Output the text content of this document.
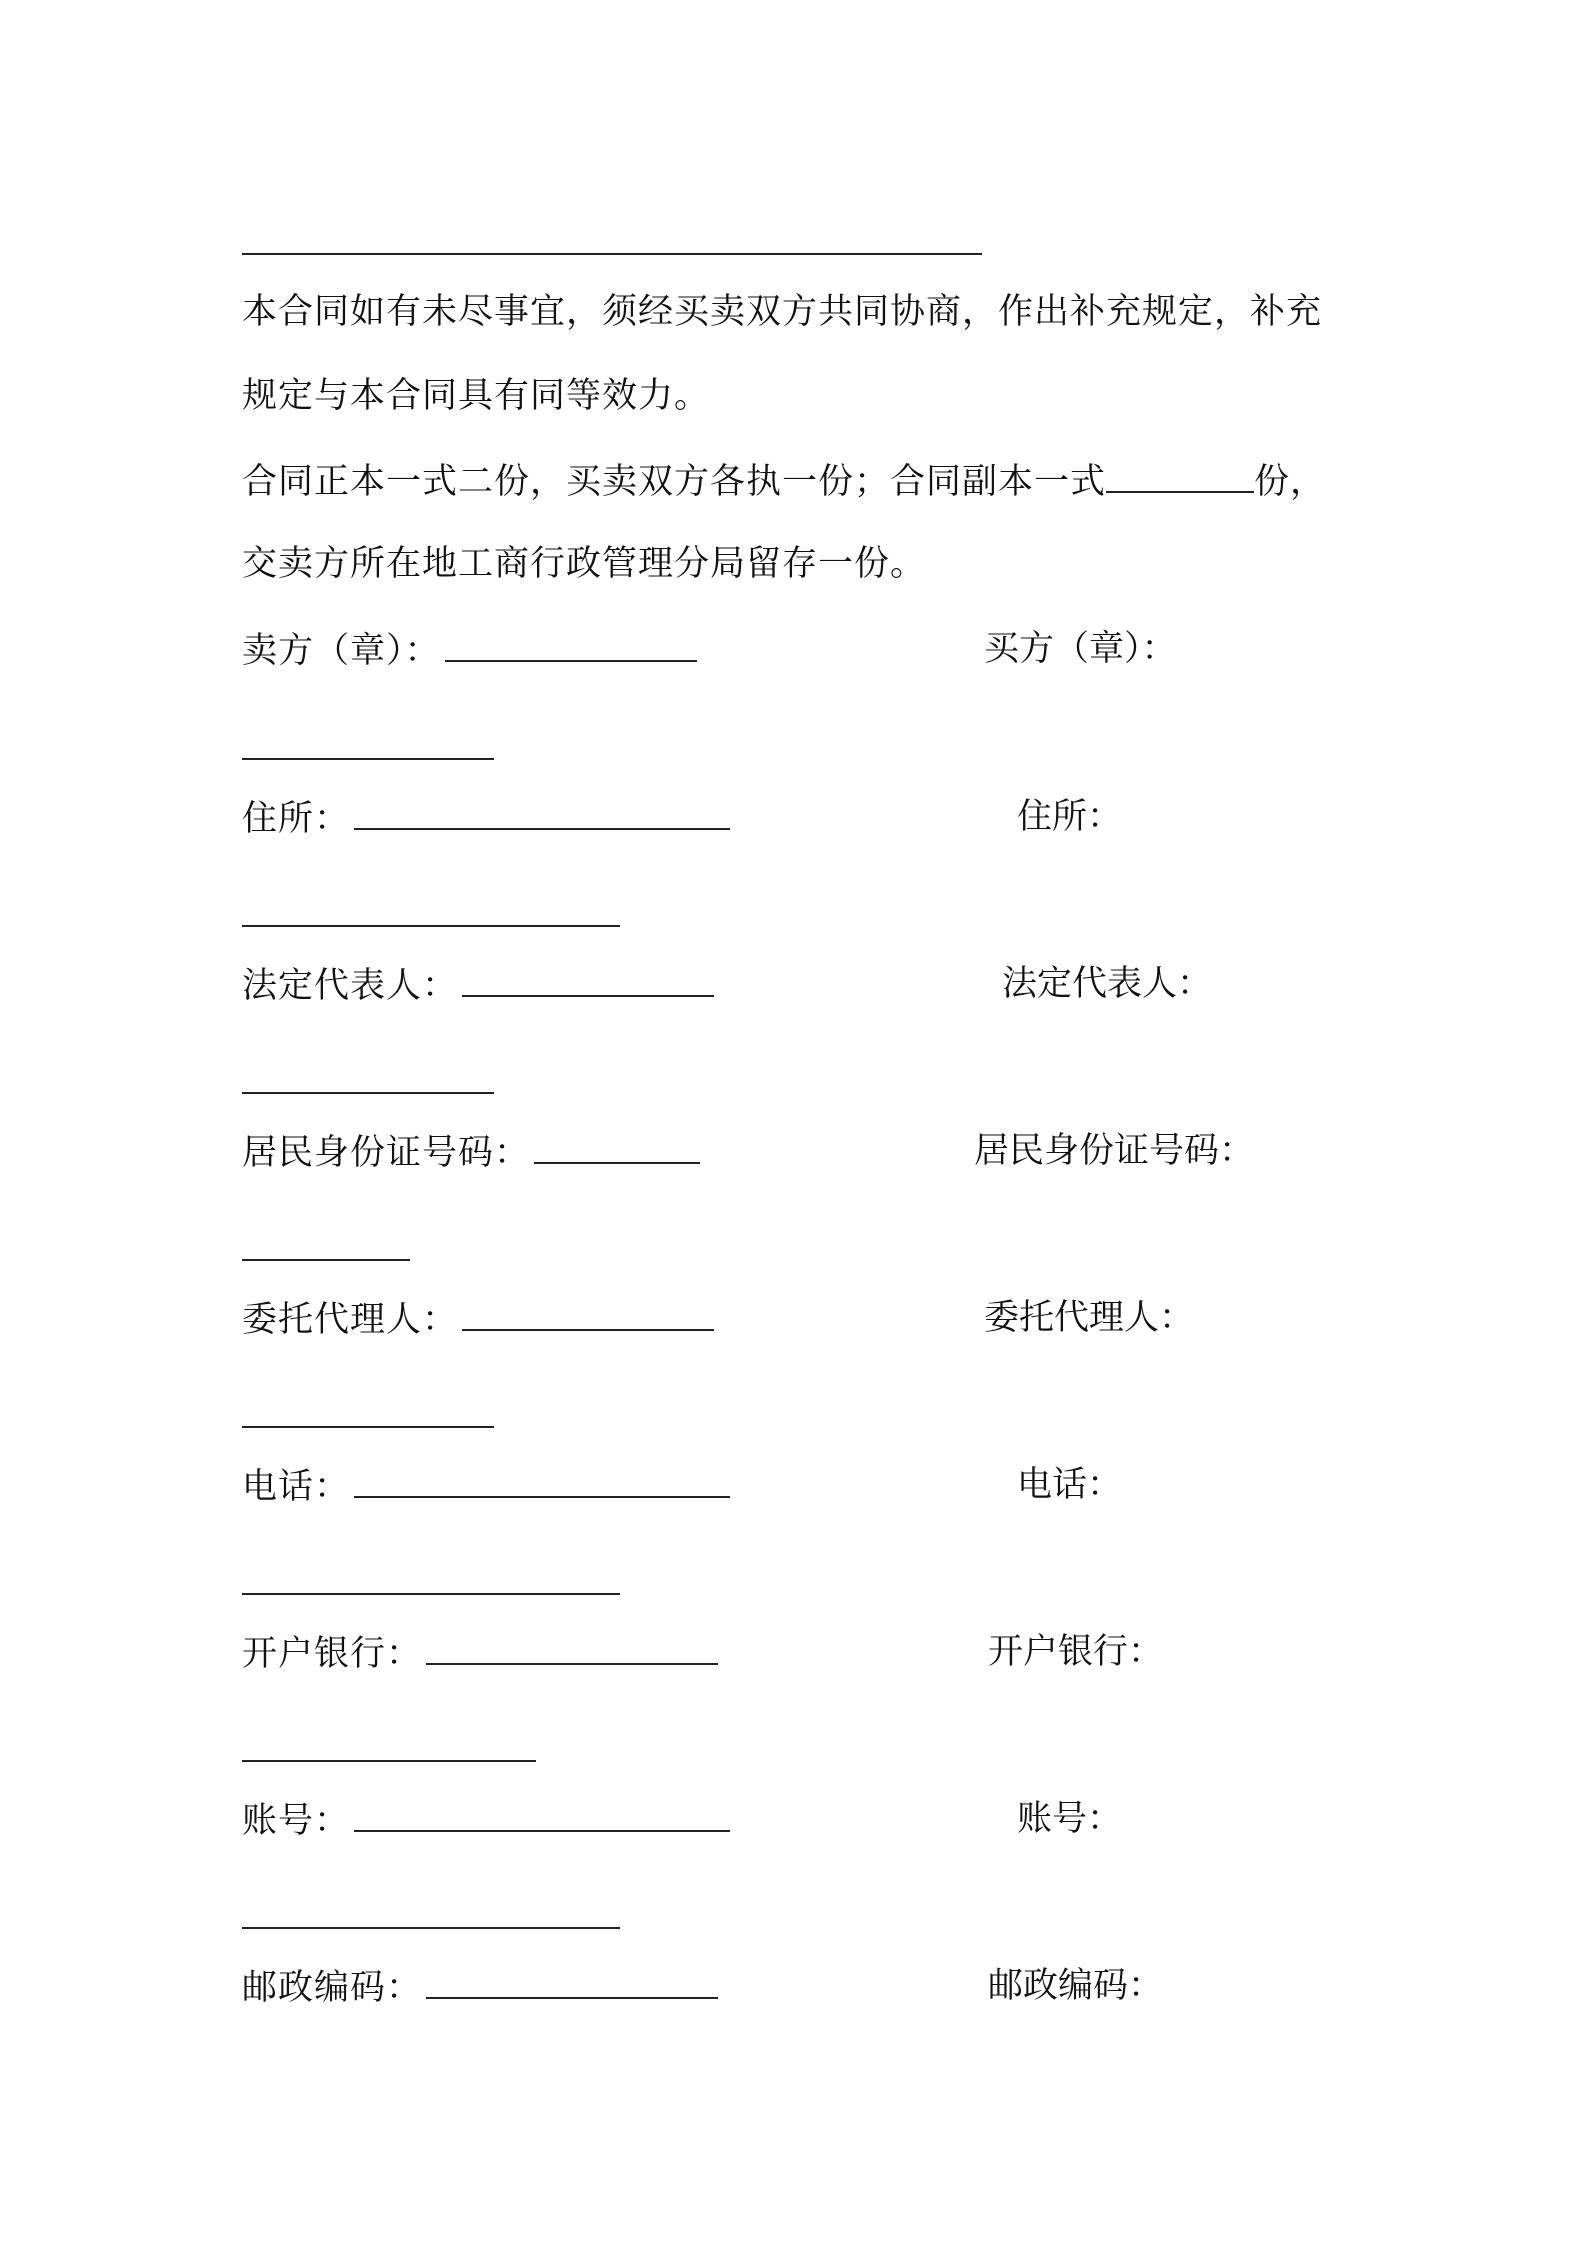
本合同如有未尽事宜，须经买卖双方共同协商，作出补充规定，补充
规定与本合同具有同等效力。
合同正本一式二份，买卖双方各执一份；合同副本一式	份，
交卖方所在地工商行政管理分局留存一份。
卖方（章）：	买方（章）：
住所：	住所：
法定代表人：	法定代表人：
居民身份证号码：	居民身份证号码：
委托代理人：	委托代理人：
电话：	电话：
开户银行：	开户银行：
账号：	账号：
邮政编码：	邮政编码：
